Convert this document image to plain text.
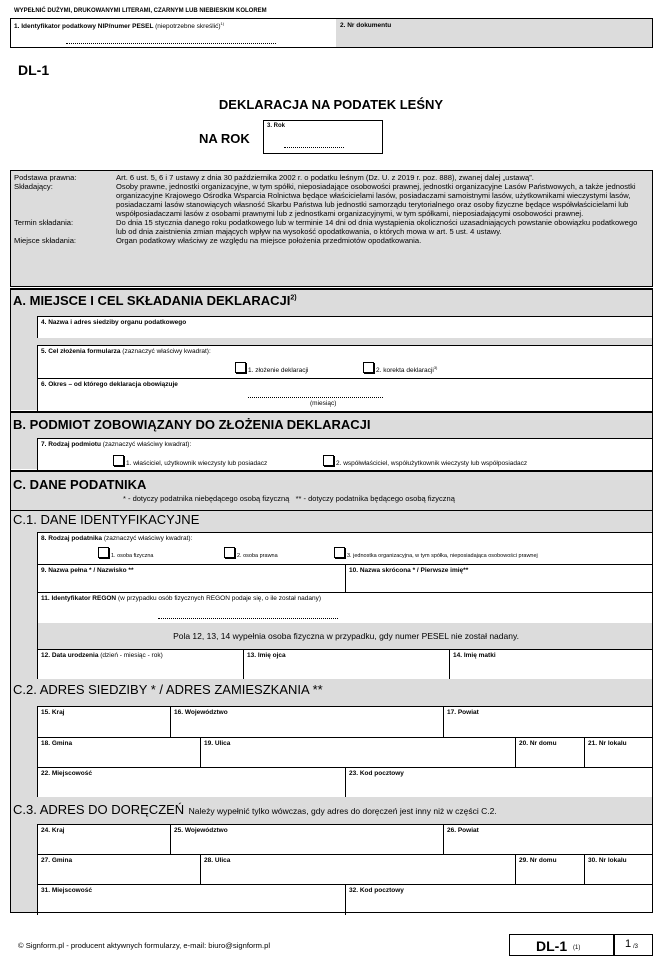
WYPEŁNIĆ DUŻYMI, DRUKOWANYMI LITERAMI, CZARNYM LUB NIEBIESKIM KOLOREM
1. Identyfikator podatkowy NIP/numer PESEL (niepotrzebne skreślić)$^{1)}$	2. Nr dokumentu
DL-1
DEKLARACJA NA PODATEK LEŚNY
NA ROK
3. Rok
Podstawa prawna:	Art. 6 ust. 5, 6 i 7 ustawy z dnia 30 października 2002 r. o podatku leśnym (Dz. U. z 2019 r. poz. 888), zwanej dalej „ustawą”.
Składający:	Osoby prawne, jednostki organizacyjne, w tym spółki, nieposiadające osobowości prawnej, jednostki organizacyjne Lasów Państwowych, a także jednostki organizacyjne Krajowego Ośrodka Wsparcia Rolnictwa będące właścicielami lasów, posiadaczami samoistnymi lasów, użytkownikami wieczystymi lasów, posiadaczami lasów stanowiących własność Skarbu Państwa lub jednostki samorządu terytorialnego oraz osoby fizyczne będące współwłaścicielami lub współposiadaczami lasów z osobami prawnymi lub z jednostkami organizacyjnymi, w tym spółkami, nieposiadającymi osobowości prawnej.
Termin składania:	Do dnia 15 stycznia danego roku podatkowego lub w terminie 14 dni od dnia wystąpienia okoliczności uzasadniających powstanie obowiązku podatkowego lub od dnia zaistnienia zmian mających wpływ na wysokość opodatkowania, o których mowa w art. 5 ust. 4 ustawy.
Miejsce składania:	Organ podatkowy właściwy ze względu na miejsce położenia przedmiotów opodatkowania.
A. MIEJSCE I CEL SKŁADANIA DEKLARACJI$^{2)}$
4. Nazwa i adres siedziby organu podatkowego
5. Cel złożenia formularza (zaznaczyć właściwy kwadrat):
1. złożenie deklaracji	2. korekta deklaracji$^{3)}$
6. Okres – od którego deklaracja obowiązuje
(miesiąc)
B. PODMIOT ZOBOWIĄZANY DO ZŁOŻENIA DEKLARACJI
7. Rodzaj podmiotu (zaznaczyć właściwy kwadrat):
1. właściciel, użytkownik wieczysty lub posiadacz	2. współwłaściciel, współużytkownik wieczysty lub współposiadacz
C. DANE PODATNIKA
* - dotyczy podatnika niebędącego osobą fizyczną   ** - dotyczy podatnika będącego osobą fizyczną
C.1. DANE IDENTYFIKACYJNE
8. Rodzaj podatnika (zaznaczyć właściwy kwadrat):
1. osoba fizyczna	2. osoba prawna	3. jednostka organizacyjna, w tym spółka, nieposiadająca osobowości prawnej
9. Nazwa pełna * / Nazwisko **	10. Nazwa skrócona * / Pierwsze imię**
11. Identyfikator REGON (w przypadku osób fizycznych REGON podaje się, o ile został nadany)
Pola 12, 13, 14 wypełnia osoba fizyczna w przypadku, gdy numer PESEL nie został nadany.
12. Data urodzenia (dzień - miesiąc - rok)	13. Imię ojca	14. Imię matki
C.2. ADRES SIEDZIBY * / ADRES ZAMIESZKANIA **
15. Kraj	16. Województwo	17. Powiat
18. Gmina	19. Ulica	20. Nr domu	21. Nr lokalu
22. Miejscowość	23. Kod pocztowy
C.3. ADRES DO DORĘCZEŃ Należy wypełnić tylko wówczas, gdy adres do doręczeń jest inny niż w części C.2.
24. Kraj	25. Województwo	26. Powiat
27. Gmina	28. Ulica	29. Nr domu	30. Nr lokalu
31. Miejscowość	32. Kod pocztowy
© Signform.pl - producent aktywnych formularzy, e-mail: biuro@signform.pl	DL-1 (1)	1 /3
